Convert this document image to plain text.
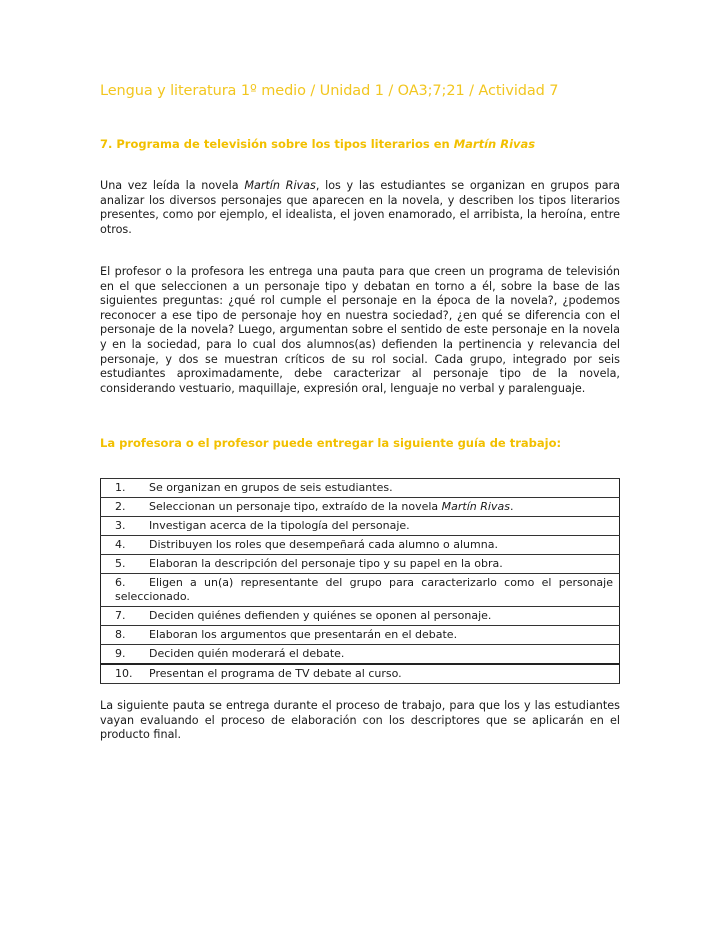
Lengua y literatura 1º medio / Unidad 1 / OA3;7;21 / Actividad 7
7. Programa de televisión sobre los tipos literarios en Martín Rivas
Una vez leída la novela Martín Rivas, los y las estudiantes se organizan en grupos para analizar los diversos personajes que aparecen en la novela, y describen los tipos literarios presentes, como por ejemplo, el idealista, el joven enamorado, el arribista, la heroína, entre otros.
El profesor o la profesora les entrega una pauta para que creen un programa de televisión en el que seleccionen a un personaje tipo y debatan en torno a él, sobre la base de las siguientes preguntas: ¿qué rol cumple el personaje en la época de la novela?, ¿podemos reconocer a ese tipo de personaje hoy en nuestra sociedad?, ¿en qué se diferencia con el personaje de la novela? Luego, argumentan sobre el sentido de este personaje en la novela y en la sociedad, para lo cual dos alumnos(as) defienden la pertinencia y relevancia del personaje, y dos se muestran críticos de su rol social. Cada grupo, integrado por seis estudiantes aproximadamente, debe caracterizar al personaje tipo de la novela, considerando vestuario, maquillaje, expresión oral, lenguaje no verbal y paralenguaje.
La profesora o el profesor puede entregar la siguiente guía de trabajo:
1. Se organizan en grupos de seis estudiantes.
2. Seleccionan un personaje tipo, extraído de la novela Martín Rivas.
3. Investigan acerca de la tipología del personaje.
4. Distribuyen los roles que desempeñará cada alumno o alumna.
5. Elaboran la descripción del personaje tipo y su papel en la obra.
6. Eligen a un(a) representante del grupo para caracterizarlo como el personaje seleccionado.
7. Deciden quiénes defienden y quiénes se oponen al personaje.
8. Elaboran los argumentos que presentarán en el debate.
9. Deciden quién moderará el debate.
10. Presentan el programa de TV debate al curso.
La siguiente pauta se entrega durante el proceso de trabajo, para que los y las estudiantes vayan evaluando el proceso de elaboración con los descriptores que se aplicarán en el producto final.
